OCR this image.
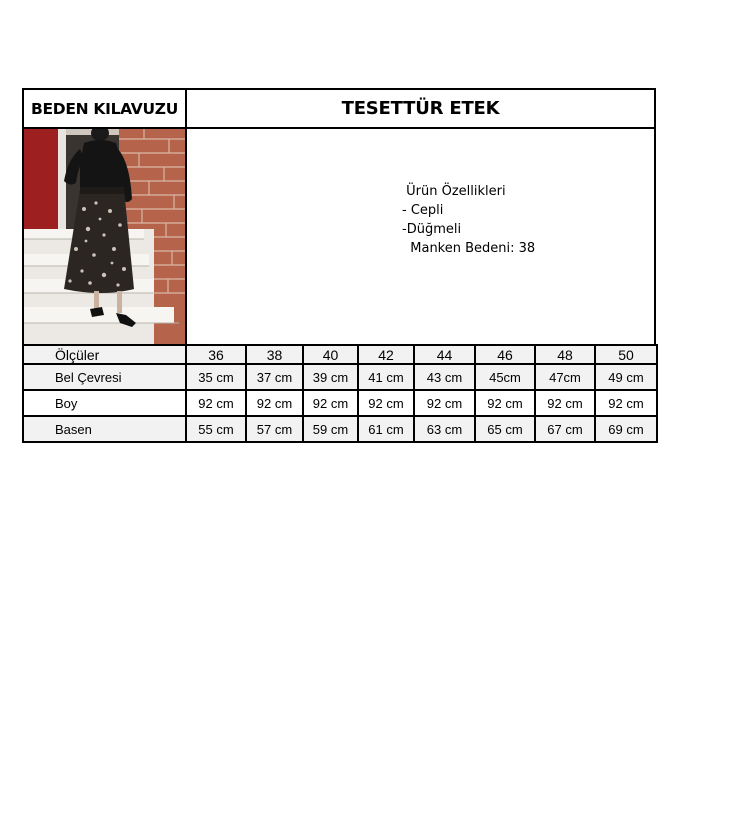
BEDEN KILAVUZU	TESETTÜR ETEK
Ürün Özellikleri
- Cepli
-Düğmeli
Manken Bedeni: 38
Ölçüler	36	38	40	42	44	46	48	50
Bel Çevresi	35 cm	37 cm	39 cm	41 cm	43 cm	45cm	47cm	49 cm
Boy	92 cm	92 cm	92 cm	92 cm	92 cm	92 cm	92 cm	92 cm
Basen	55 cm	57 cm	59 cm	61 cm	63 cm	65 cm	67 cm	69 cm
